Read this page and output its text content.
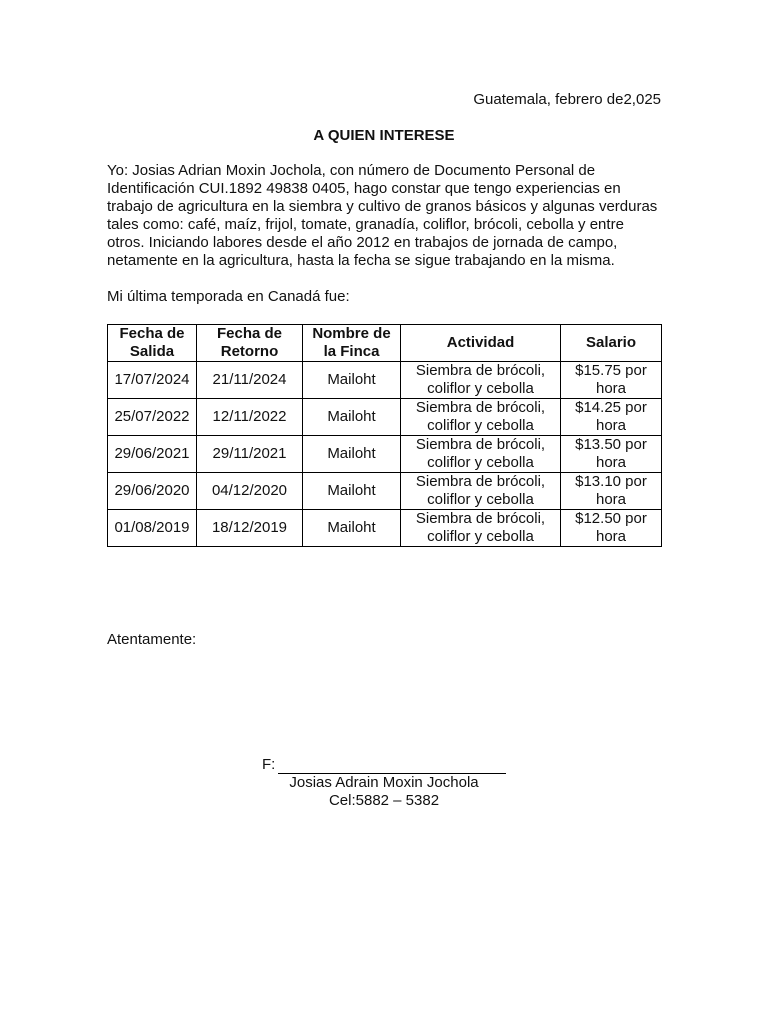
Guatemala, febrero de2,025
A QUIEN INTERESE

Yo: Josias Adrian Moxin Jochola, con número de Documento Personal de Identificación CUI.1892 49838 0405, hago constar que tengo experiencias en trabajo de agricultura en la siembra y cultivo de granos básicos y algunas verduras tales como: café, maíz, frijol, tomate, granadía, coliflor, brócoli, cebolla y entre otros. Iniciando labores desde el año 2012 en trabajos de jornada de campo, netamente en la agricultura, hasta la fecha se sigue trabajando en la misma.

Mi última temporada en Canadá fue:
Fecha de Salida	Fecha de Retorno	Nombre de la Finca	Actividad	Salario
17/07/2024	21/11/2024	Mailoht	Siembra de brócoli, coliflor y cebolla	$15.75 por hora
25/07/2022	12/11/2022	Mailoht	Siembra de brócoli, coliflor y cebolla	$14.25 por hora
29/06/2021	29/11/2021	Mailoht	Siembra de brócoli, coliflor y cebolla	$13.50 por hora
29/06/2020	04/12/2020	Mailoht	Siembra de brócoli, coliflor y cebolla	$13.10 por hora
01/08/2019	18/12/2019	Mailoht	Siembra de brócoli, coliflor y cebolla	$12.50 por hora
Atentamente:
F:
Josias Adrain Moxin Jochola
Cel:5882 – 5382
